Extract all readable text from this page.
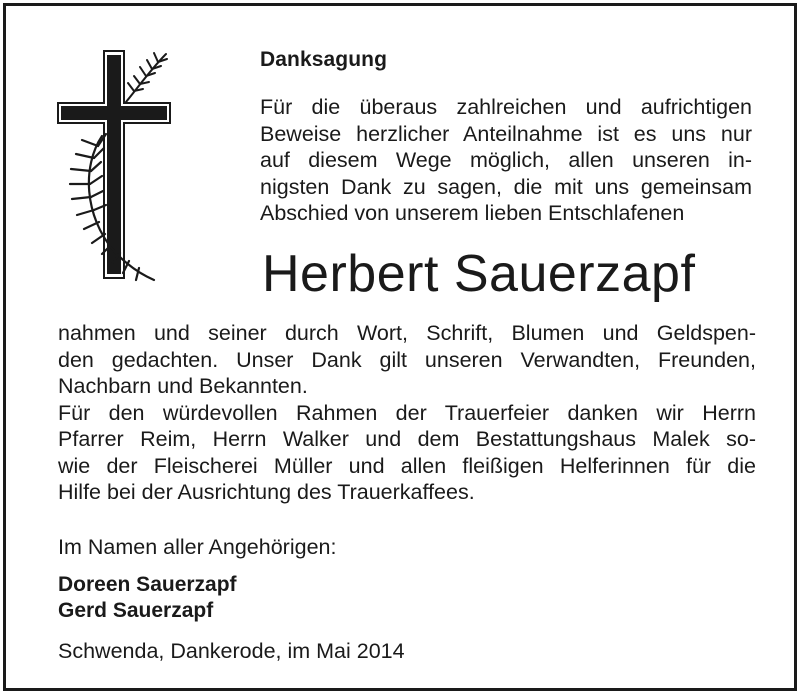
Danksagung
Für die überaus zahlreichen und aufrichtigen
Beweise herzlicher Anteilnahme ist es uns nur
auf diesem Wege möglich, allen unseren in-
nigsten Dank zu sagen, die mit uns gemeinsam
Abschied von unserem lieben Entschlafenen
Herbert Sauerzapf
nahmen und seiner durch Wort, Schrift, Blumen und Geldspen-
den gedachten. Unser Dank gilt unseren Verwandten, Freunden,
Nachbarn und Bekannten.
Für den würdevollen Rahmen der Trauerfeier danken wir Herrn
Pfarrer Reim, Herrn Walker und dem Bestattungshaus Malek so-
wie der Fleischerei Müller und allen fleißigen Helferinnen für die
Hilfe bei der Ausrichtung des Trauerkaffees.
Im Namen aller Angehörigen:
Doreen Sauerzapf
Gerd Sauerzapf
Schwenda, Dankerode, im Mai 2014
